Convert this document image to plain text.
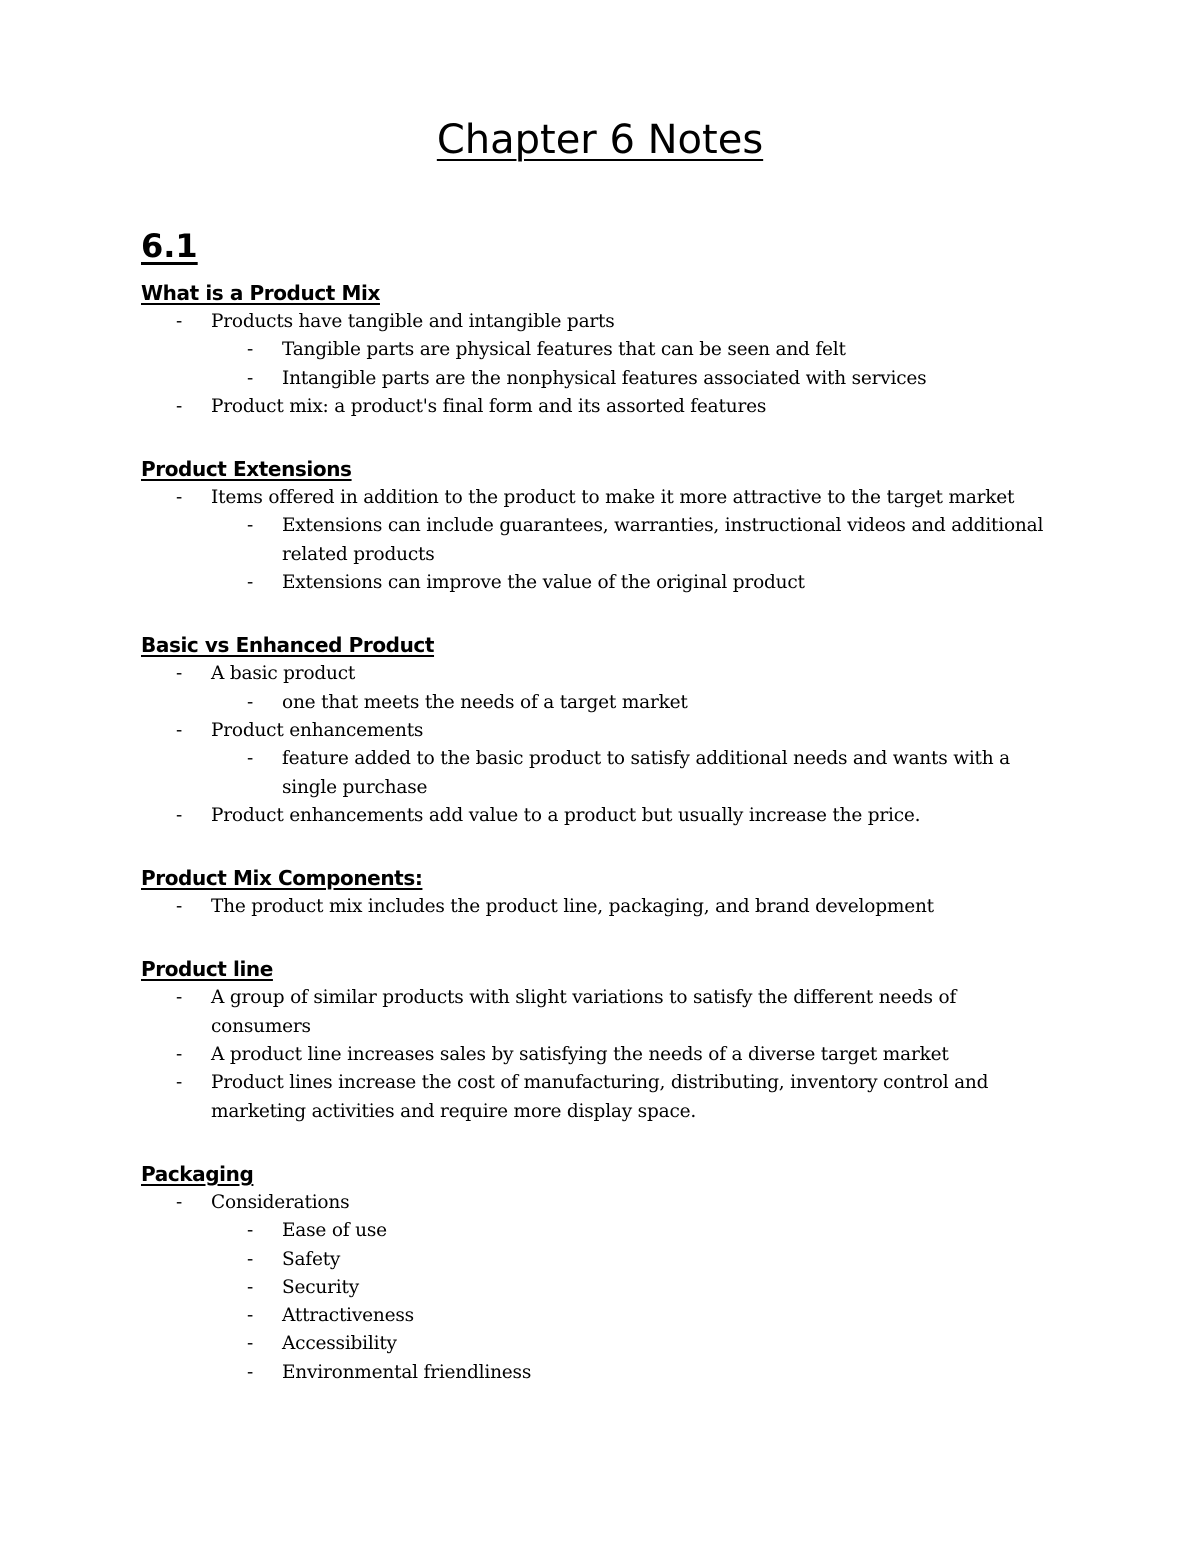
Chapter 6 Notes
6.1
What is a Product Mix
-	Products have tangible and intangible parts
-	Tangible parts are physical features that can be seen and felt
-	Intangible parts are the nonphysical features associated with services
-	Product mix: a product's final form and its assorted features
Product Extensions
-	Items offered in addition to the product to make it more attractive to the target market
-	Extensions can include guarantees, warranties, instructional videos and additional related products
-	Extensions can improve the value of the original product
Basic vs Enhanced Product
-	A basic product
-	one that meets the needs of a target market
-	Product enhancements
-	feature added to the basic product to satisfy additional needs and wants with a single purchase
-	Product enhancements add value to a product but usually increase the price.
Product Mix Components:
-	The product mix includes the product line, packaging, and brand development
Product line
-	A group of similar products with slight variations to satisfy the different needs of consumers
-	A product line increases sales by satisfying the needs of a diverse target market
-	Product lines increase the cost of manufacturing, distributing, inventory control and marketing activities and require more display space.
Packaging
-	Considerations
-	Ease of use
-	Safety
-	Security
-	Attractiveness
-	Accessibility
-	Environmental friendliness
